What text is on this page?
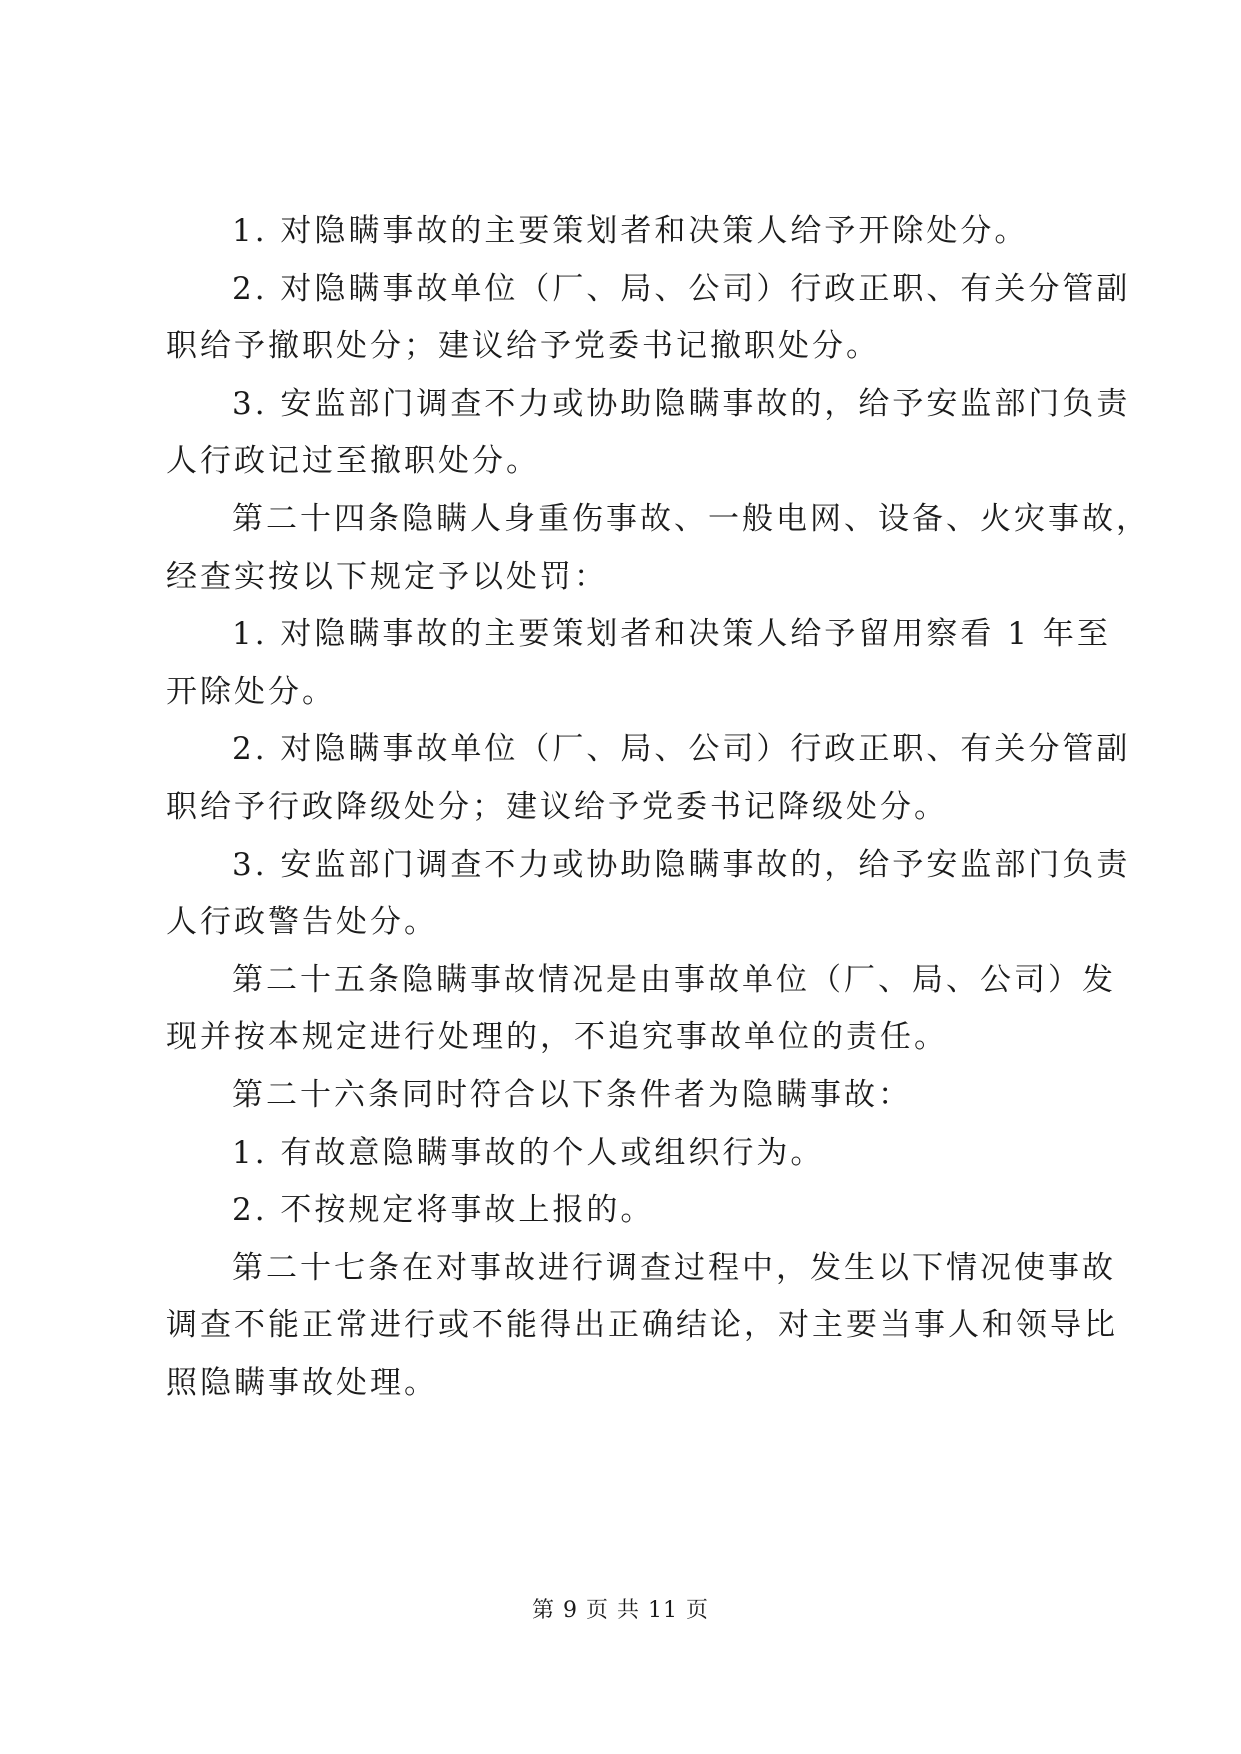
1. 对隐瞒事故的主要策划者和决策人给予开除处分。
2. 对隐瞒事故单位（厂、局、公司）行政正职、有关分管副
职给予撤职处分；建议给予党委书记撤职处分。
3. 安监部门调查不力或协助隐瞒事故的，给予安监部门负责
人行政记过至撤职处分。
第二十四条隐瞒人身重伤事故、一般电网、设备、火灾事故，
经查实按以下规定予以处罚：
1. 对隐瞒事故的主要策划者和决策人给予留用察看 1 年至
开除处分。
2. 对隐瞒事故单位（厂、局、公司）行政正职、有关分管副
职给予行政降级处分；建议给予党委书记降级处分。
3. 安监部门调查不力或协助隐瞒事故的，给予安监部门负责
人行政警告处分。
第二十五条隐瞒事故情况是由事故单位（厂、局、公司）发
现并按本规定进行处理的，不追究事故单位的责任。
第二十六条同时符合以下条件者为隐瞒事故：
1. 有故意隐瞒事故的个人或组织行为。
2. 不按规定将事故上报的。
第二十七条在对事故进行调查过程中，发生以下情况使事故
调查不能正常进行或不能得出正确结论，对主要当事人和领导比
照隐瞒事故处理。
第 9 页 共 11 页
